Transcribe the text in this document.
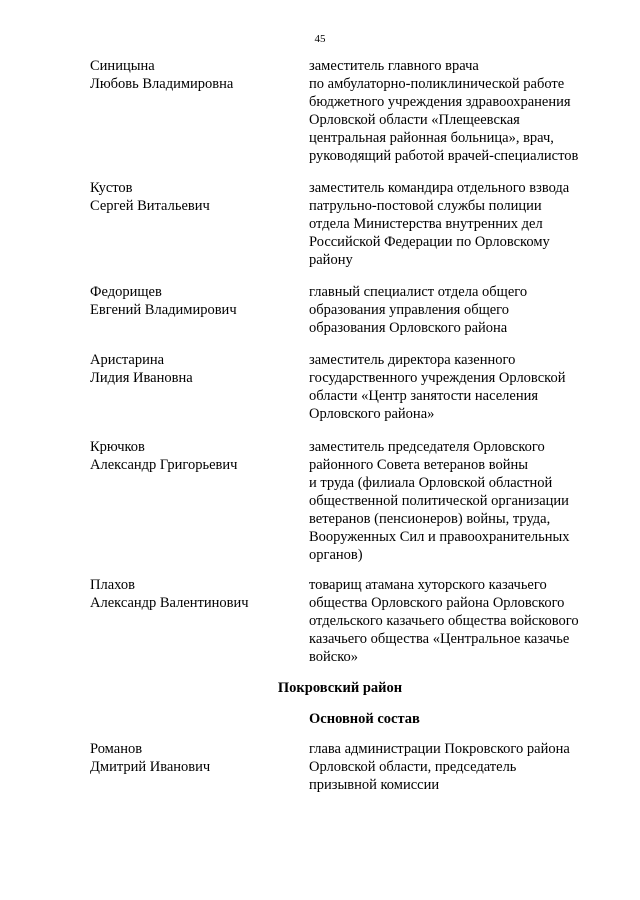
45
Синицына
Любовь Владимировна
заместитель главного врача
по амбулаторно-поликлинической работе
бюджетного учреждения здравоохранения
Орловской области «Плещеевская
центральная районная больница», врач,
руководящий работой врачей-специалистов
Кустов
Сергей Витальевич
заместитель командира отдельного взвода
патрульно-постовой службы полиции
отдела Министерства внутренних дел
Российской Федерации по Орловскому
району
Федорищев
Евгений Владимирович
главный специалист отдела общего
образования управления общего
образования Орловского района
Аристарина
Лидия Ивановна
заместитель директора казенного
государственного учреждения Орловской
области «Центр занятости населения
Орловского района»
Крючков
Александр Григорьевич
заместитель председателя Орловского
районного Совета ветеранов войны
и труда (филиала Орловской областной
общественной политической организации
ветеранов (пенсионеров) войны, труда,
Вооруженных Сил и правоохранительных
органов)
Плахов
Александр Валентинович
товарищ атамана хуторского казачьего
общества Орловского района Орловского
отдельского казачьего общества войскового
казачьего общества «Центральное казачье
войско»
Покровский район
Основной состав
Романов
Дмитрий Иванович
глава администрации Покровского района
Орловской области, председатель
призывной комиссии
